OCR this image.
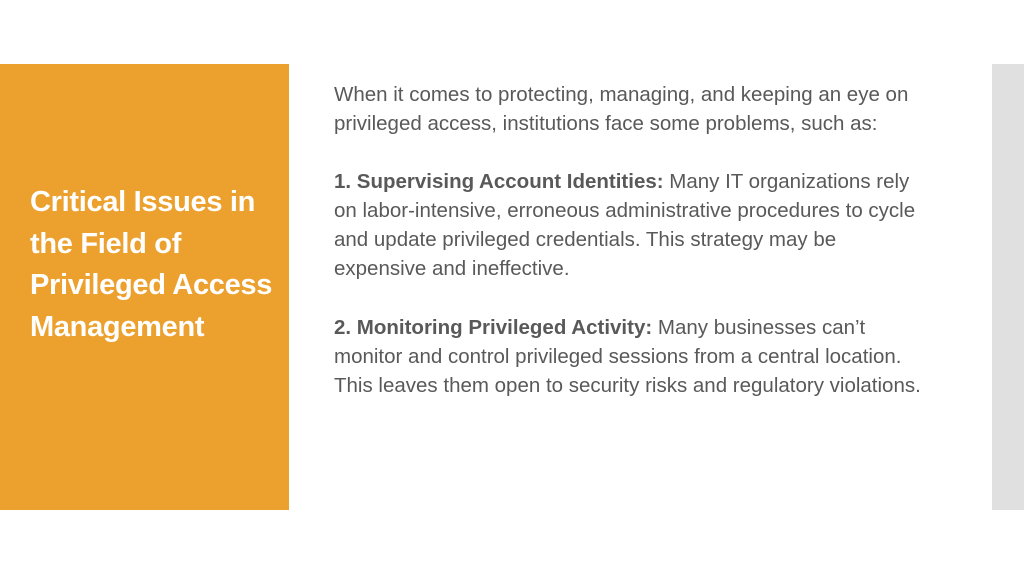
Critical Issues in the Field of Privileged Access Management

When it comes to protecting, managing, and keeping an eye on privileged access, institutions face some problems, such as:

1. Supervising Account Identities: Many IT organizations rely on labor-intensive, erroneous administrative procedures to cycle and update privileged credentials. This strategy may be expensive and ineffective.

2. Monitoring Privileged Activity: Many businesses can’t monitor and control privileged sessions from a central location. This leaves them open to security risks and regulatory violations.
